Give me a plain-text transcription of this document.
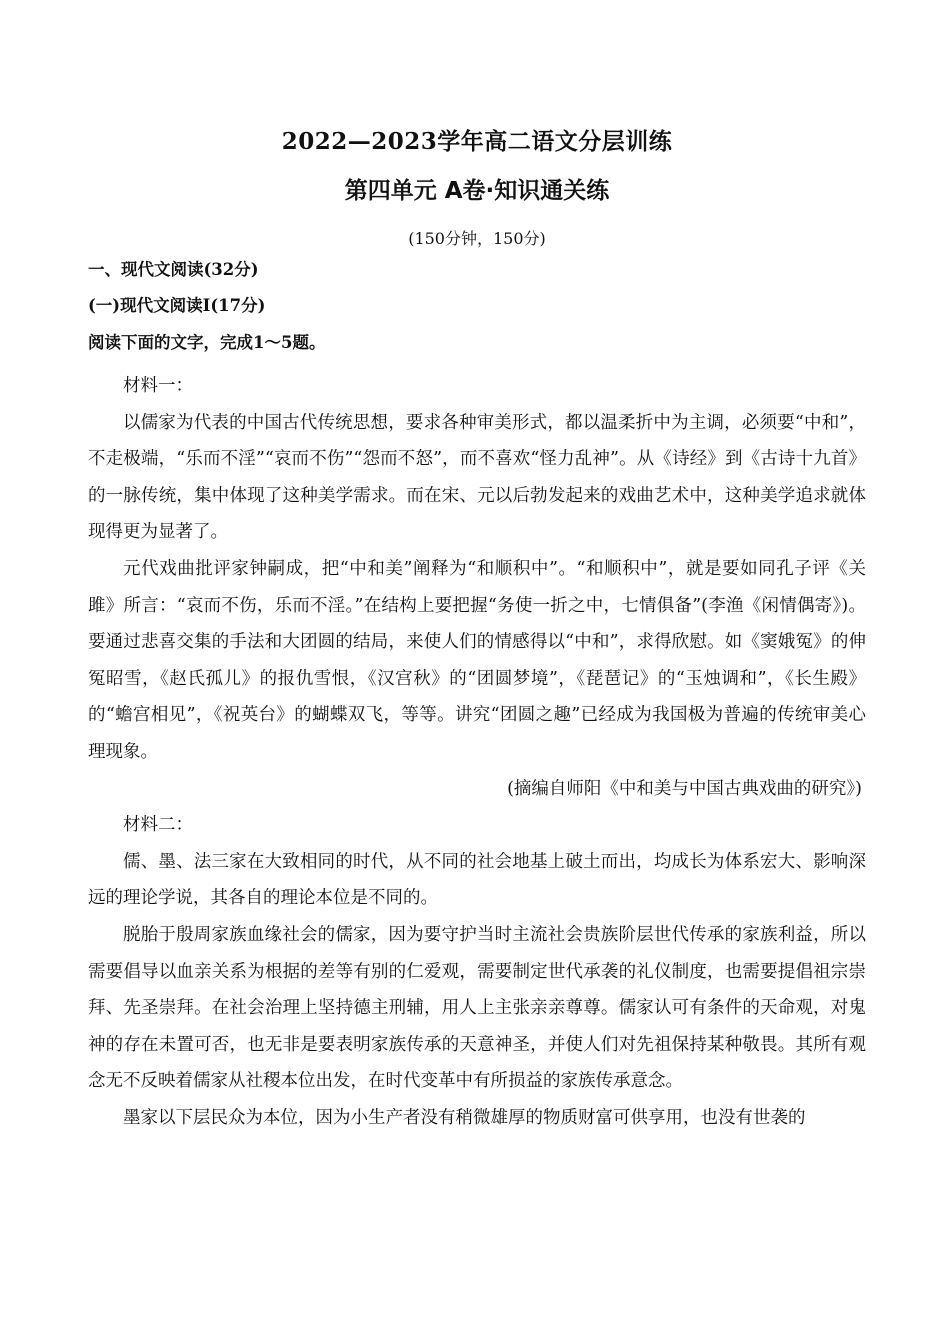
2022—2023学年高二语文分层训练
第四单元 A卷·知识通关练
(150分钟，150分)
一、现代文阅读(32分)
(一)现代文阅读Ⅰ(17分)
阅读下面的文字，完成1～5题。

材料一：

以儒家为代表的中国古代传统思想，要求各种审美形式，都以温柔折中为主调，必须要“中和”，不走极端，“乐而不淫”“哀而不伤”“怨而不怒”，而不喜欢“怪力乱神”。从《诗经》到《古诗十九首》的一脉传统，集中体现了这种美学需求。而在宋、元以后勃发起来的戏曲艺术中，这种美学追求就体现得更为显著了。

元代戏曲批评家钟嗣成，把“中和美”阐释为“和顺积中”。“和顺积中”，就是要如同孔子评《关雎》所言：“哀而不伤，乐而不淫。”在结构上要把握“务使一折之中，七情俱备”(李渔《闲情偶寄》)。要通过悲喜交集的手法和大团圆的结局，来使人们的情感得以“中和”，求得欣慰。如《窦娥冤》的伸冤昭雪，《赵氏孤儿》的报仇雪恨，《汉宫秋》的“团圆梦境”，《琵琶记》的“玉烛调和”，《长生殿》的“蟾宫相见”，《祝英台》的蝴蝶双飞，等等。讲究“团圆之趣”已经成为我国极为普遍的传统审美心理现象。

(摘编自师阳《中和美与中国古典戏曲的研究》)

材料二：

儒、墨、法三家在大致相同的时代，从不同的社会地基上破土而出，均成长为体系宏大、影响深远的理论学说，其各自的理论本位是不同的。

脱胎于殷周家族血缘社会的儒家，因为要守护当时主流社会贵族阶层世代传承的家族利益，所以需要倡导以血亲关系为根据的差等有别的仁爱观，需要制定世代承袭的礼仪制度，也需要提倡祖宗崇拜、先圣崇拜。在社会治理上坚持德主刑辅，用人上主张亲亲尊尊。儒家认可有条件的天命观，对鬼神的存在未置可否，也无非是要表明家族传承的天意神圣，并使人们对先祖保持某种敬畏。其所有观念无不反映着儒家从社稷本位出发，在时代变革中有所损益的家族传承意念。

墨家以下层民众为本位，因为小生产者没有稍微雄厚的物质财富可供享用，也没有世袭的
